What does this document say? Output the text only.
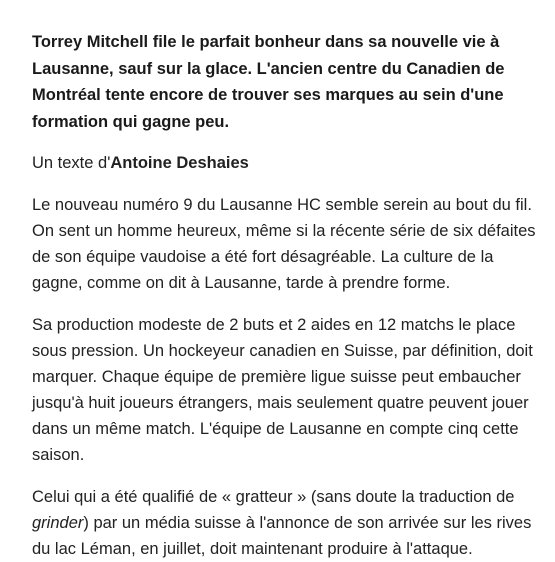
Torrey Mitchell file le parfait bonheur dans sa nouvelle vie à Lausanne, sauf sur la glace. L'ancien centre du Canadien de Montréal tente encore de trouver ses marques au sein d'une formation qui gagne peu.

Un texte d'Antoine Deshaies

Le nouveau numéro 9 du Lausanne HC semble serein au bout du fil. On sent un homme heureux, même si la récente série de six défaites de son équipe vaudoise a été fort désagréable. La culture de la gagne, comme on dit à Lausanne, tarde à prendre forme.

Sa production modeste de 2 buts et 2 aides en 12 matchs le place sous pression. Un hockeyeur canadien en Suisse, par définition, doit marquer. Chaque équipe de première ligue suisse peut embaucher jusqu'à huit joueurs étrangers, mais seulement quatre peuvent jouer dans un même match. L'équipe de Lausanne en compte cinq cette saison.

Celui qui a été qualifié de « gratteur » (sans doute la traduction de grinder) par un média suisse à l'annonce de son arrivée sur les rives du lac Léman, en juillet, doit maintenant produire à l'attaque.
